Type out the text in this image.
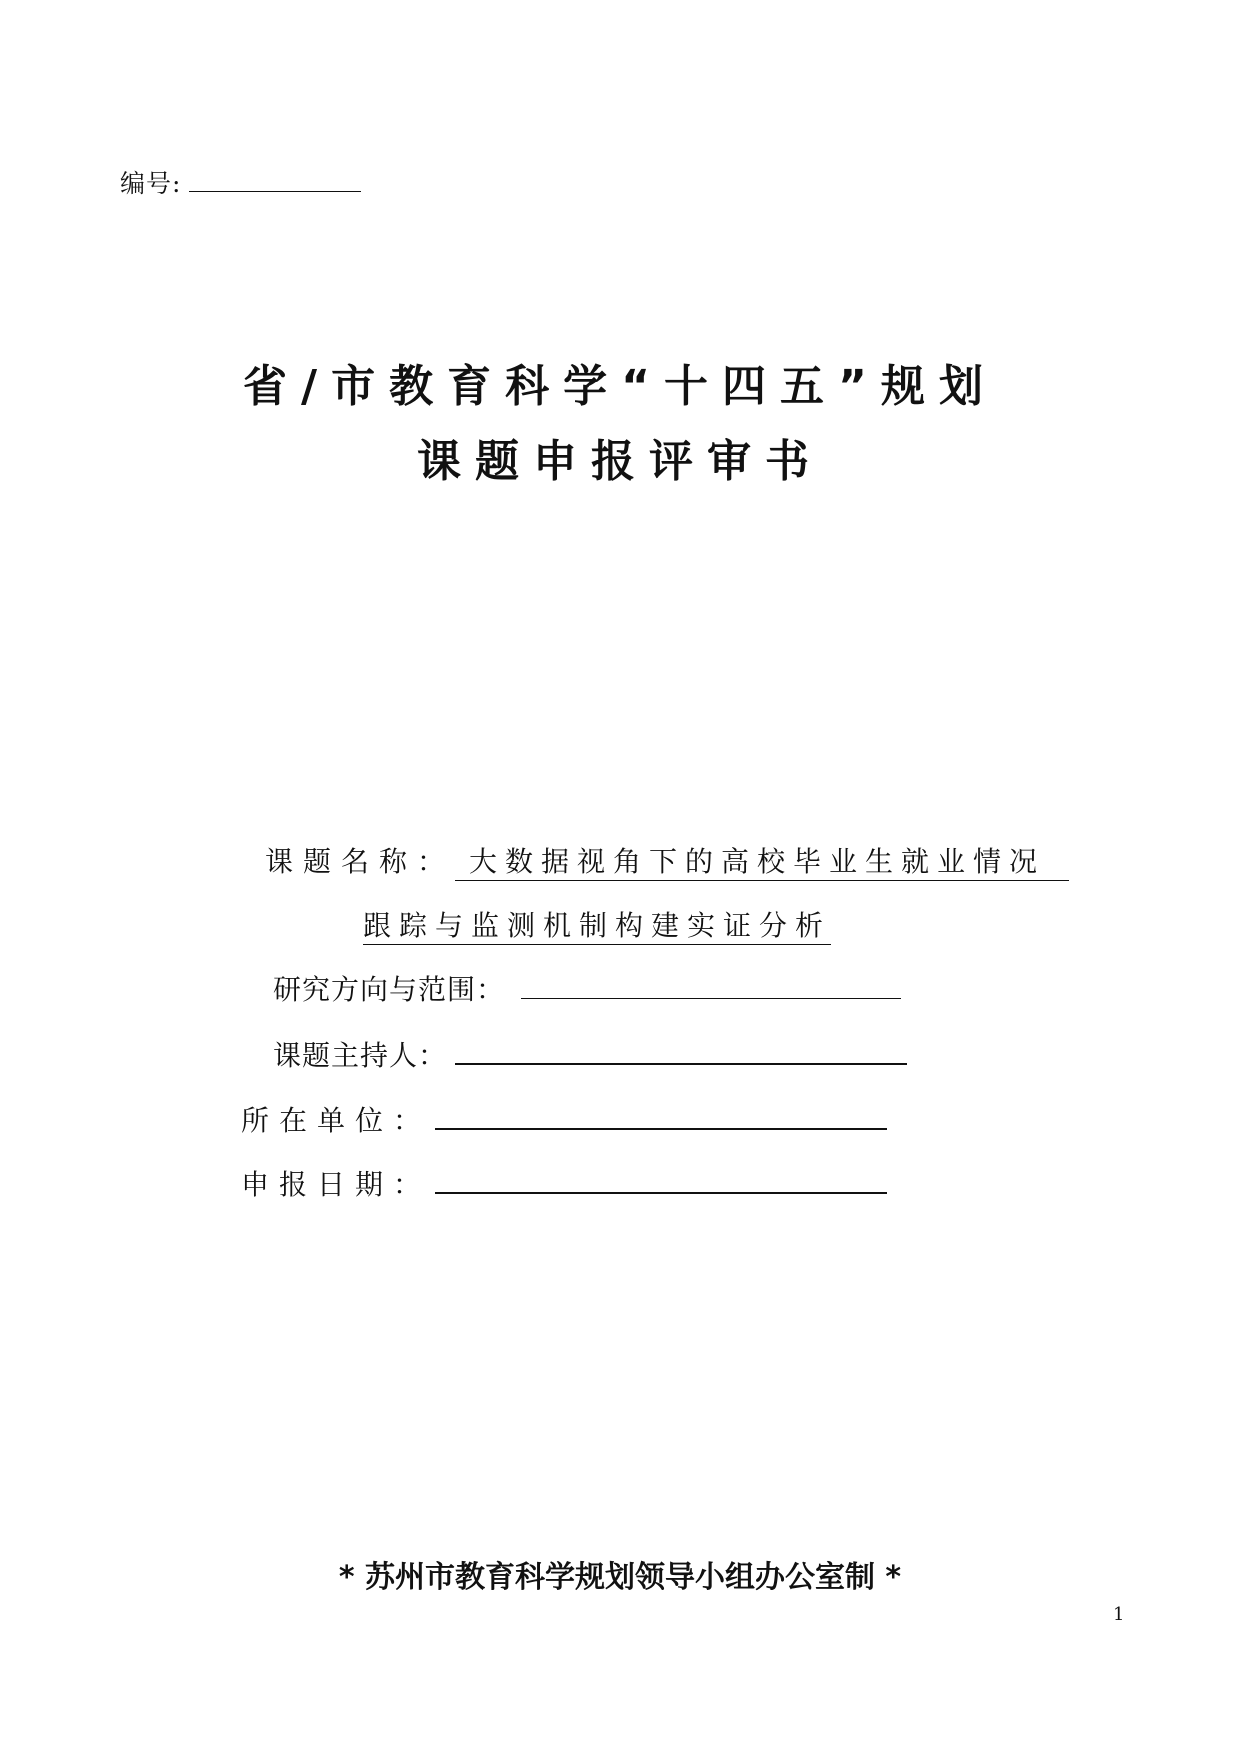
编号:
省/市教育科学“十四五”规划
课题申报评审书
课题名称： 大数据视角下的高校毕业生就业情况
跟踪与监测机制构建实证分析
研究方向与范围：
课题主持人：
所在单位：
申报日期：
* 苏州市教育科学规划领导小组办公室制 *
1
